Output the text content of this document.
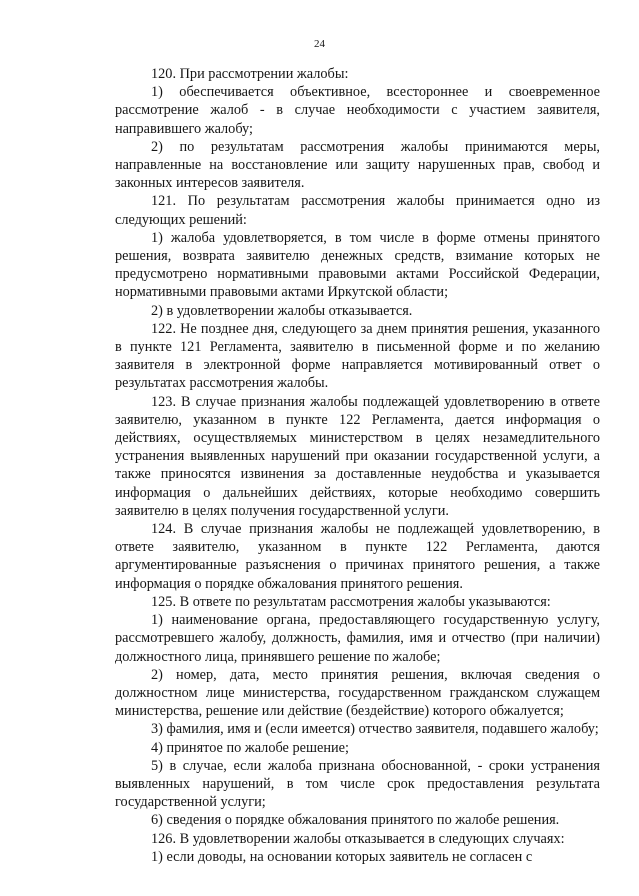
24

120. При рассмотрении жалобы:

1) обеспечивается объективное, всестороннее и своевременное рассмотрение жалоб - в случае необходимости с участием заявителя, направившего жалобу;

2) по результатам рассмотрения жалобы принимаются меры, направленные на восстановление или защиту нарушенных прав, свобод и законных интересов заявителя.

121. По результатам рассмотрения жалобы принимается одно из следующих решений:

1) жалоба удовлетворяется, в том числе в форме отмены принятого решения, возврата заявителю денежных средств, взимание которых не предусмотрено нормативными правовыми актами Российской Федерации, нормативными правовыми актами Иркутской области;

2) в удовлетворении жалобы отказывается.

122. Не позднее дня, следующего за днем принятия решения, указанного в пункте 121 Регламента, заявителю в письменной форме и по желанию заявителя в электронной форме направляется мотивированный ответ о результатах рассмотрения жалобы.

123. В случае признания жалобы подлежащей удовлетворению в ответе заявителю, указанном в пункте 122 Регламента, дается информация о действиях, осуществляемых министерством в целях незамедлительного устранения выявленных нарушений при оказании государственной услуги, а также приносятся извинения за доставленные неудобства и указывается информация о дальнейших действиях, которые необходимо совершить заявителю в целях получения государственной услуги.

124. В случае признания жалобы не подлежащей удовлетворению, в ответе заявителю, указанном в пункте 122 Регламента, даются аргументированные разъяснения о причинах принятого решения, а также информация о порядке обжалования принятого решения.

125. В ответе по результатам рассмотрения жалобы указываются:

1) наименование органа, предоставляющего государственную услугу, рассмотревшего жалобу, должность, фамилия, имя и отчество (при наличии) должностного лица, принявшего решение по жалобе;

2) номер, дата, место принятия решения, включая сведения о должностном лице министерства, государственном гражданском служащем министерства, решение или действие (бездействие) которого обжалуется;

3) фамилия, имя и (если имеется) отчество заявителя, подавшего жалобу;

4) принятое по жалобе решение;

5) в случае, если жалоба признана обоснованной, - сроки устранения выявленных нарушений, в том числе срок предоставления результата государственной услуги;

6) сведения о порядке обжалования принятого по жалобе решения.

126. В удовлетворении жалобы отказывается в следующих случаях:

1) если доводы, на основании которых заявитель не согласен с
